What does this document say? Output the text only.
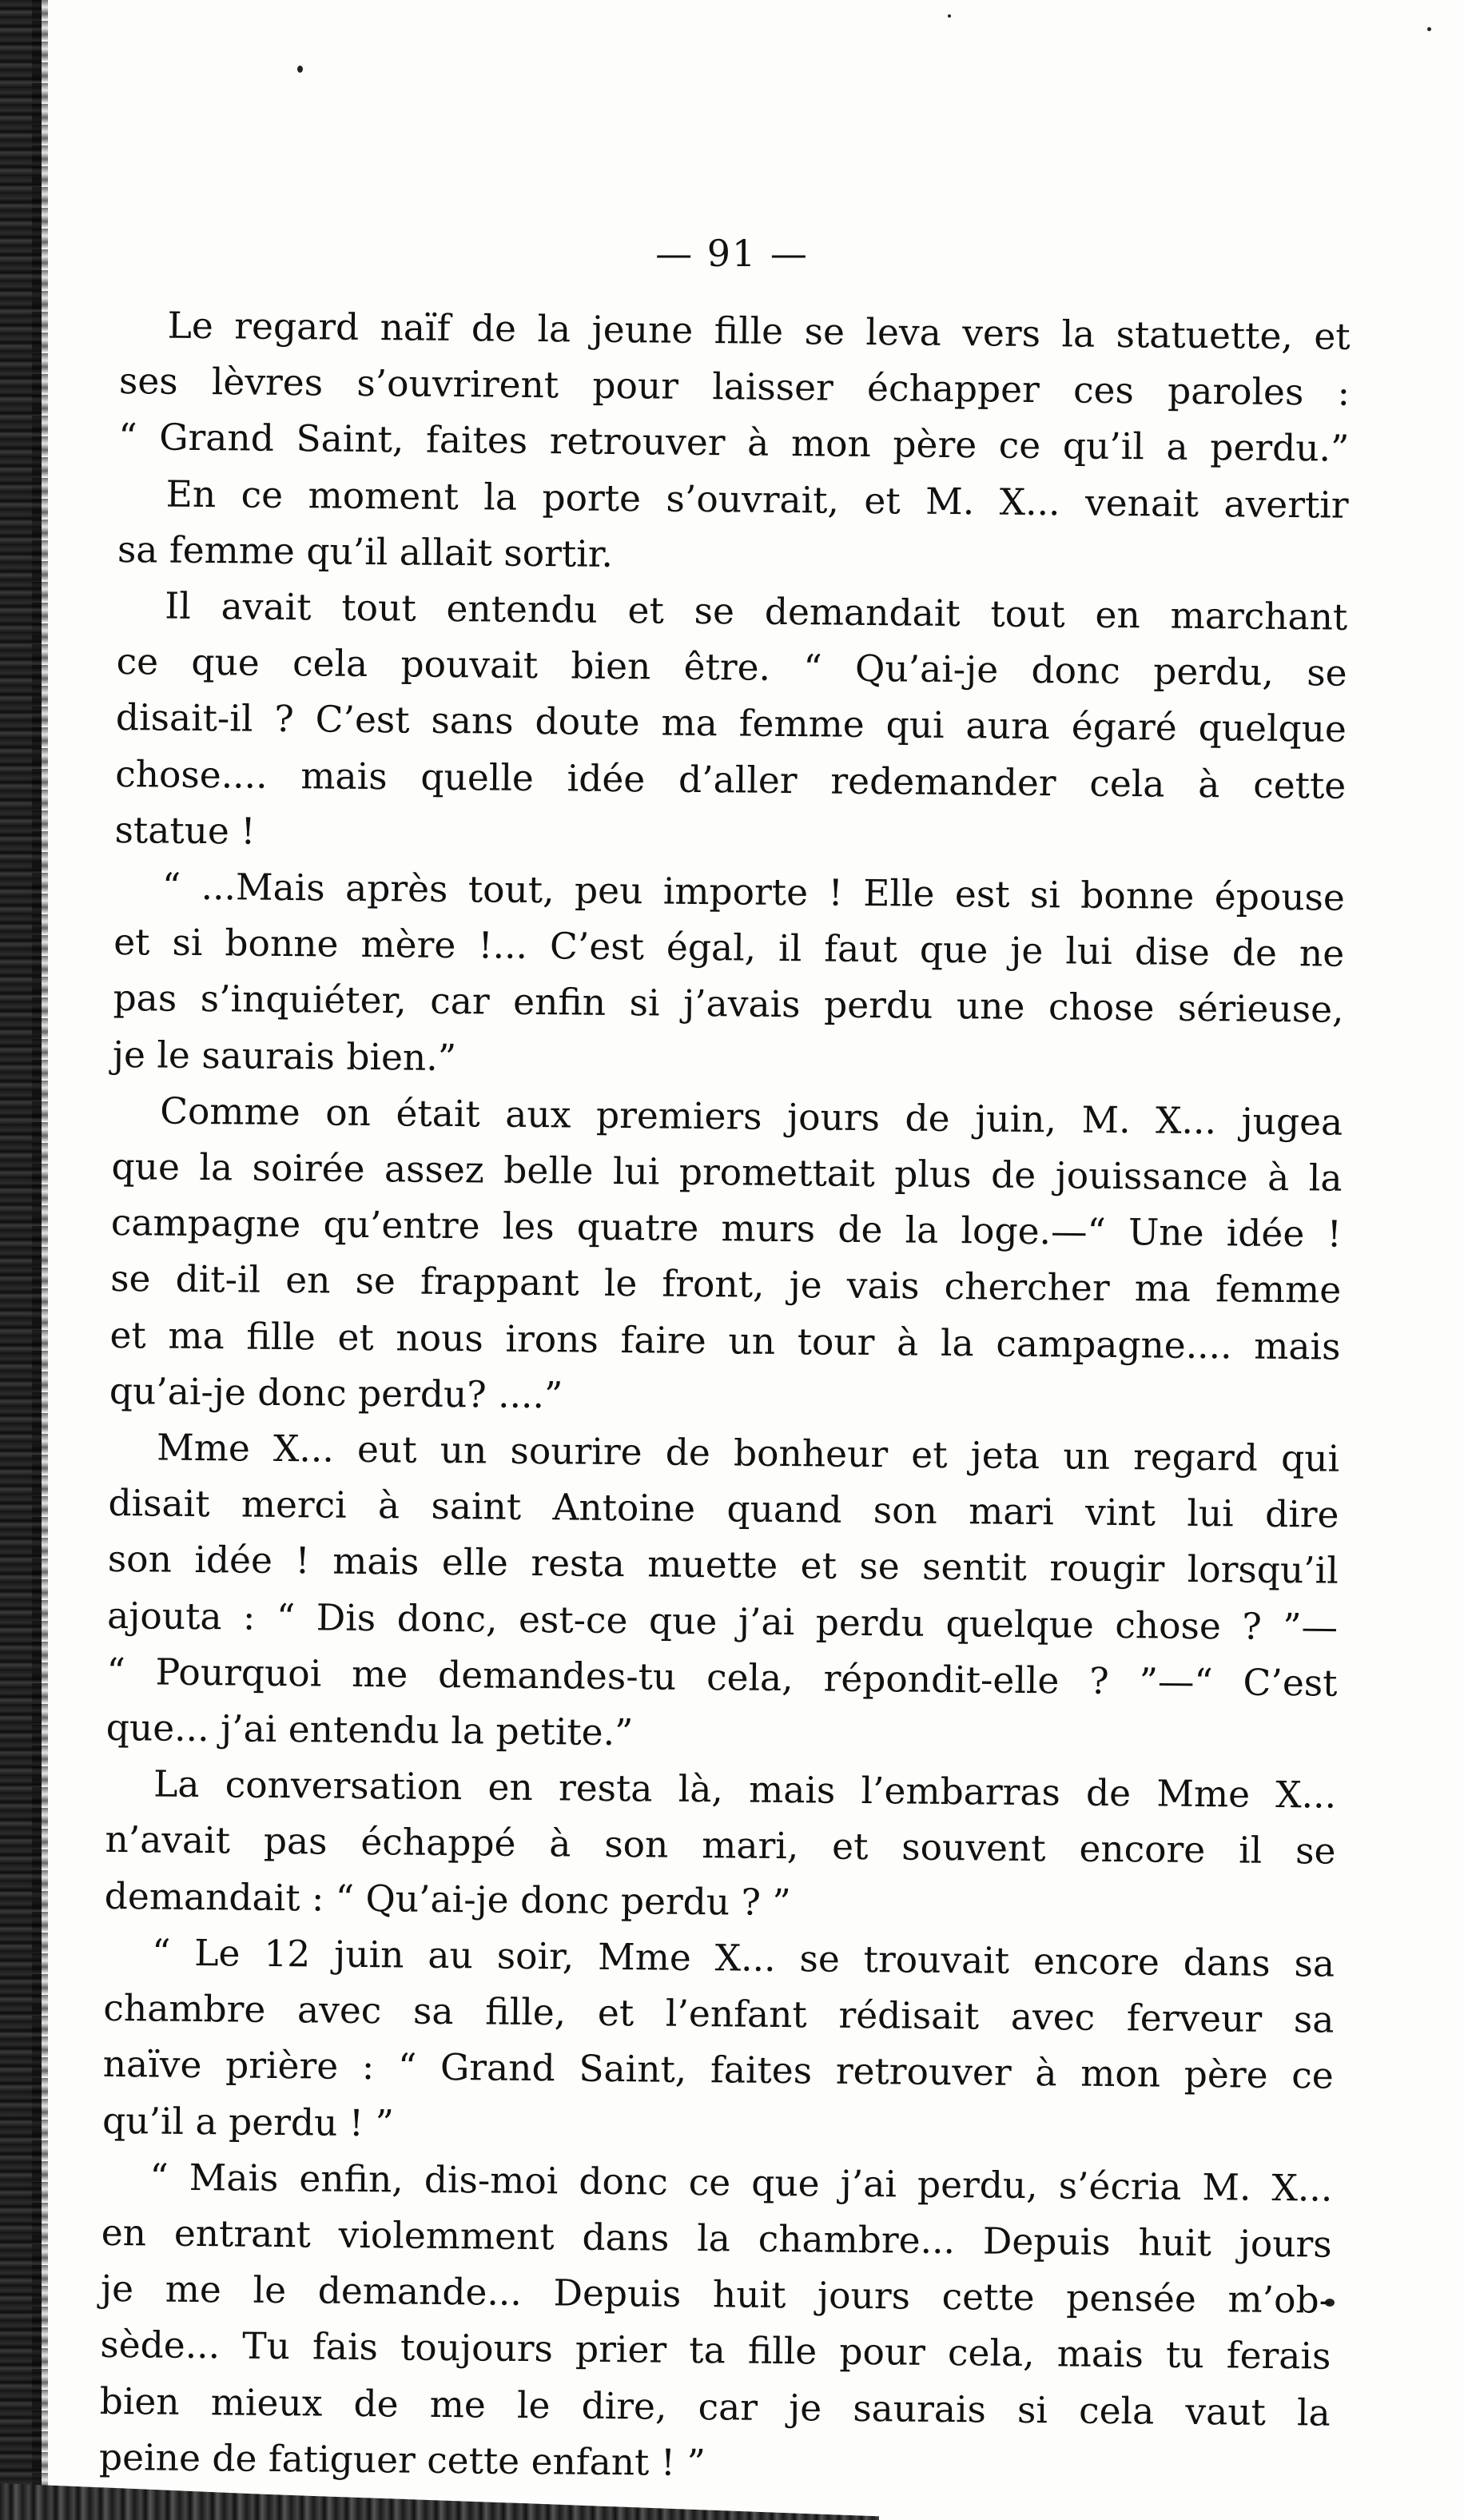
— 91 —
Le regard naïf de la jeune fille se leva vers la statuette, et
ses lèvres s’ouvrirent pour laisser échapper ces paroles :
“ Grand Saint, faites retrouver à mon père ce qu’il a perdu.”
En ce moment la porte s’ouvrait, et M. X... venait avertir
sa femme qu’il allait sortir.
Il avait tout entendu et se demandait tout en marchant
ce que cela pouvait bien être. “ Qu’ai-je donc perdu, se
disait-il ? C’est sans doute ma femme qui aura égaré quelque
chose.... mais quelle idée d’aller redemander cela à cette
statue !
“ ...Mais après tout, peu importe ! Elle est si bonne épouse
et si bonne mère !... C’est égal, il faut que je lui dise de ne
pas s’inquiéter, car enfin si j’avais perdu une chose sérieuse,
je le saurais bien.”
Comme on était aux premiers jours de juin, M. X... jugea
que la soirée assez belle lui promettait plus de jouissance à la
campagne qu’entre les quatre murs de la loge.—“ Une idée !
se dit-il en se frappant le front, je vais chercher ma femme
et ma fille et nous irons faire un tour à la campagne.... mais
qu’ai-je donc perdu? ....”
Mme X... eut un sourire de bonheur et jeta un regard qui
disait merci à saint Antoine quand son mari vint lui dire
son idée ! mais elle resta muette et se sentit rougir lorsqu’il
ajouta : “ Dis donc, est-ce que j’ai perdu quelque chose ? ”—
“ Pourquoi me demandes-tu cela, répondit-elle ? ”—“ C’est
que... j’ai entendu la petite.”
La conversation en resta là, mais l’embarras de Mme X...
n’avait pas échappé à son mari, et souvent encore il se
demandait : “ Qu’ai-je donc perdu ? ”
“ Le 12 juin au soir, Mme X... se trouvait encore dans sa
chambre avec sa fille, et l’enfant rédisait avec ferveur sa
naïve prière : “ Grand Saint, faites retrouver à mon père ce
qu’il a perdu ! ”
“ Mais enfin, dis-moi donc ce que j’ai perdu, s’écria M. X...
en entrant violemment dans la chambre... Depuis huit jours
je me le demande... Depuis huit jours cette pensée m’ob-
sède... Tu fais toujours prier ta fille pour cela, mais tu ferais
bien mieux de me le dire, car je saurais si cela vaut la
peine de fatiguer cette enfant ! ”
